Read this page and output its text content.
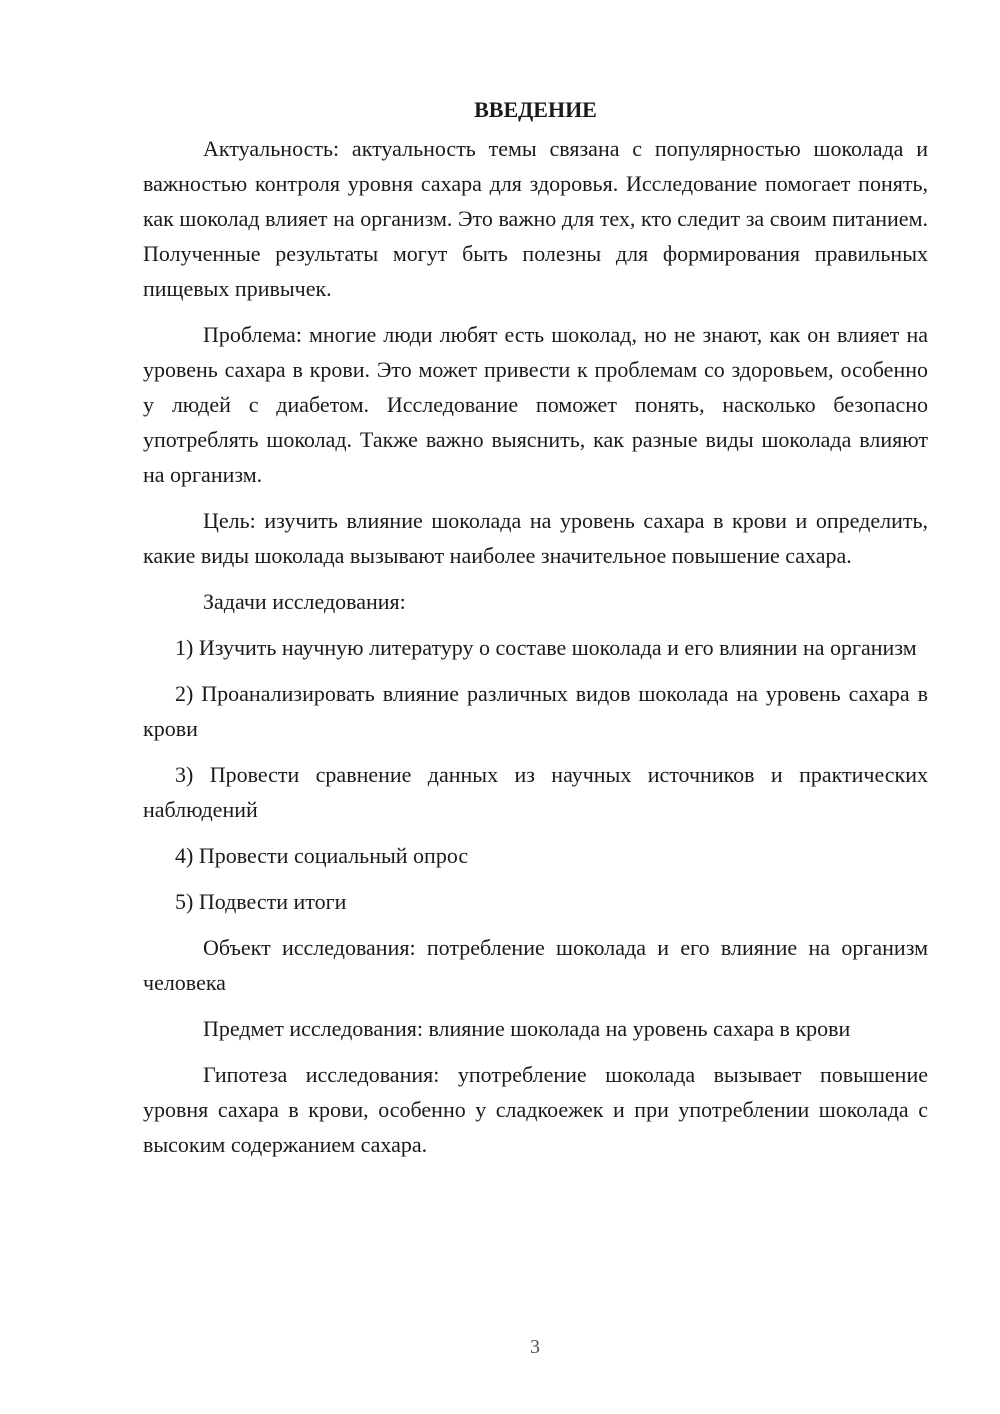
ВВЕДЕНИЕ

Актуальность: актуальность темы связана с популярностью шоколада и важностью контроля уровня сахара для здоровья. Исследование помогает понять, как шоколад влияет на организм. Это важно для тех, кто следит за своим питанием. Полученные результаты могут быть полезны для формирования правильных пищевых привычек.

Проблема: многие люди любят есть шоколад, но не знают, как он влияет на уровень сахара в крови. Это может привести к проблемам со здоровьем, особенно у людей с диабетом. Исследование поможет понять, насколько безопасно употреблять шоколад. Также важно выяснить, как разные виды шоколада влияют на организм.

Цель: изучить влияние шоколада на уровень сахара в крови и определить, какие виды шоколада вызывают наиболее значительное повышение сахара.

Задачи исследования:

1) Изучить научную литературу о составе шоколада и его влиянии на организм

2) Проанализировать влияние различных видов шоколада на уровень сахара в крови

3) Провести сравнение данных из научных источников и практических наблюдений

4) Провести социальный опрос

5) Подвести итоги

Объект исследования: потребление шоколада и его влияние на организм человека

Предмет исследования: влияние шоколада на уровень сахара в крови

Гипотеза исследования: употребление шоколада вызывает повышение уровня сахара в крови, особенно у сладкоежек и при употреблении шоколада с высоким содержанием сахара.

3
